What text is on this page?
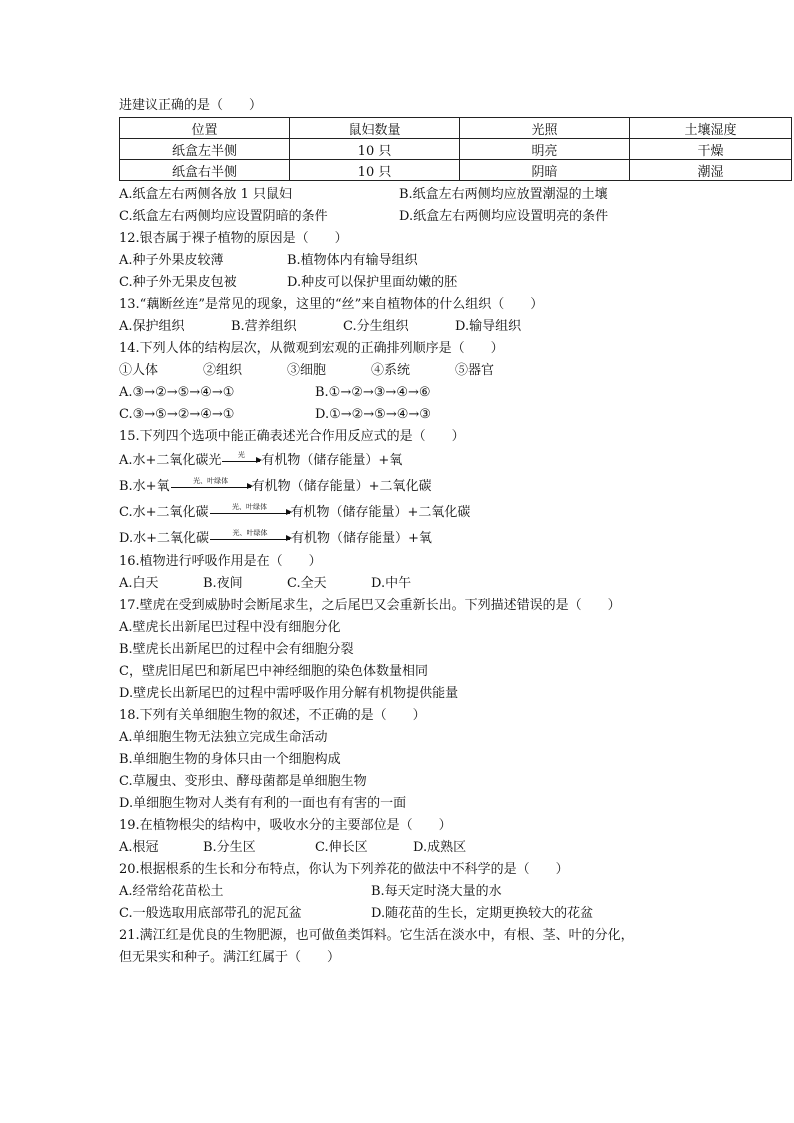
进建议正确的是（　　）
位置	鼠妇数量	光照	土壤湿度
纸盒左半侧	10 只	明亮	干燥
纸盒右半侧	10 只	阴暗	潮湿
A.纸盒左右两侧各放 1 只鼠妇	B.纸盒左右两侧均应放置潮湿的土壤
C.纸盒左右两侧均应设置阴暗的条件	D.纸盒左右两侧均应设置明亮的条件
12.银杏属于裸子植物的原因是（　　）
A.种子外果皮较薄	B.植物体内有输导组织
C.种子外无果皮包被	D.种皮可以保护里面幼嫩的胚
13.“藕断丝连”是常见的现象，这里的“丝”来自植物体的什么组织（　　）
A.保护组织	B.营养组织	C.分生组织	D.输导组织
14.下列人体的结构层次，从微观到宏观的正确排列顺序是（　　）
①人体	②组织	③细胞	④系统	⑤器官
A.③→②→⑤→④→①	B.①→②→③→④→⑥
C.③→⑤→②→④→①	D.①→②→⑤→④→③
15.下列四个选项中能正确表述光合作用反应式的是（　　）
A.水+二氧化碳光	光	有机物（储存能量）+氧
B.水+氧	光、叶绿体	有机物（储存能量）+二氧化碳
C.水+二氧化碳	光、叶绿体	有机物（储存能量）+二氧化碳
D.水+二氧化碳	光、叶绿体	有机物（储存能量）+氧
16.植物进行呼吸作用是在（　　）
A.白天	B.夜间	C.全天	D.中午
17.壁虎在受到威胁时会断尾求生，之后尾巴又会重新长出。下列描述错误的是（　　）
A.壁虎长出新尾巴过程中没有细胞分化
B.壁虎长出新尾巴的过程中会有细胞分裂
C，壁虎旧尾巴和新尾巴中神经细胞的染色体数量相同
D.壁虎长出新尾巴的过程中需呼吸作用分解有机物提供能量
18.下列有关单细胞生物的叙述，不正确的是（　　）
A.单细胞生物无法独立完成生命活动
B.单细胞生物的身体只由一个细胞构成
C.草履虫、变形虫、酵母菌都是单细胞生物
D.单细胞生物对人类有有利的一面也有有害的一面
19.在植物根尖的结构中，吸收水分的主要部位是（　　）
A.根冠	B.分生区	C.伸长区	D.成熟区
20.根据根系的生长和分布特点，你认为下列养花的做法中不科学的是（　　）
A.经常给花苗松土	B.每天定时浇大量的水
C.一般选取用底部带孔的泥瓦盆	D.随花苗的生长，定期更换较大的花盆
21.满江红是优良的生物肥源，也可做鱼类饵料。它生活在淡水中，有根、茎、叶的分化，
但无果实和种子。满江红属于（　　）
